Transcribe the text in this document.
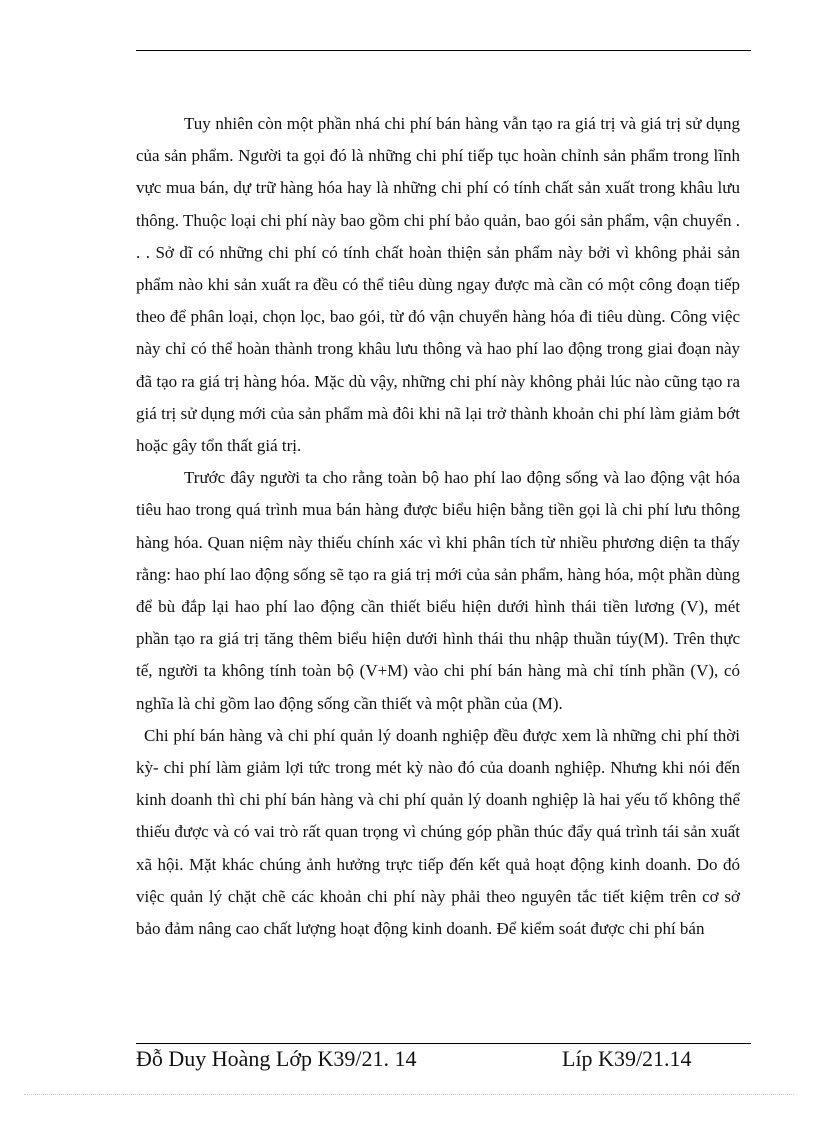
Tuy nhiên còn một phần nhá chi phí bán hàng vẫn tạo ra giá trị và giá trị sử dụng của sản phẩm. Người ta gọi đó là những chi phí tiếp tục hoàn chỉnh sản phẩm trong lĩnh vực mua bán, dự trữ hàng hóa hay là những chi phí có tính chất sản xuất trong khâu lưu thông. Thuộc loại chi phí này bao gồm chi phí bảo quản, bao gói sản phẩm, vận chuyển . . . Sở dĩ có những chi phí có tính chất hoàn thiện sản phẩm này bởi vì không phải sản phẩm nào khi sản xuất ra đều có thể tiêu dùng ngay được mà cần có một công đoạn tiếp theo để phân loại, chọn lọc, bao gói, từ đó vận chuyển hàng hóa đi tiêu dùng. Công việc này chỉ có thể hoàn thành trong khâu lưu thông và hao phí lao động trong giai đoạn này đã tạo ra giá trị hàng hóa. Mặc dù vậy, những chi phí này không phải lúc nào cũng tạo ra giá trị sử dụng mới của sản phẩm mà đôi khi nã lại trở thành khoản chi phí làm giảm bớt hoặc gây tổn thất giá trị.

Trước đây người ta cho rằng toàn bộ hao phí lao động sống và lao động vật hóa tiêu hao trong quá trình mua bán hàng được biểu hiện bằng tiền gọi là chi phí lưu thông hàng hóa. Quan niệm này thiếu chính xác vì khi phân tích từ nhiều phương diện ta thấy rằng: hao phí lao động sống sẽ tạo ra giá trị mới của sản phẩm, hàng hóa, một phần dùng để bù đắp lại hao phí lao động cần thiết biểu hiện dưới hình thái tiền lương (V), mét phần tạo ra giá trị tăng thêm biểu hiện dưới hình thái thu nhập thuần túy(M). Trên thực tế, người ta không tính toàn bộ (V+M) vào chi phí bán hàng mà chỉ tính phần (V), có nghĩa là chỉ gồm lao động sống cần thiết và một phần của (M).

Chi phí bán hàng và chi phí quản lý doanh nghiệp đều được xem là những chi phí thời kỳ- chi phí làm giảm lợi tức trong mét kỳ nào đó của doanh nghiệp. Nhưng khi nói đến kinh doanh thì chi phí bán hàng và chi phí quản lý doanh nghiệp là hai yếu tố không thể thiếu được và có vai trò rất quan trọng vì chúng góp phần thúc đẩy quá trình tái sản xuất xã hội. Mặt khác chúng ảnh hưởng trực tiếp đến kết quả hoạt động kinh doanh. Do đó việc quản lý chặt chẽ các khoản chi phí này phải theo nguyên tắc tiết kiệm trên cơ sở bảo đảm nâng cao chất lượng hoạt động kinh doanh. Để kiểm soát được chi phí bán

Đỗ Duy Hoàng Lớp K39/21. 14	Líp K39/21.14
